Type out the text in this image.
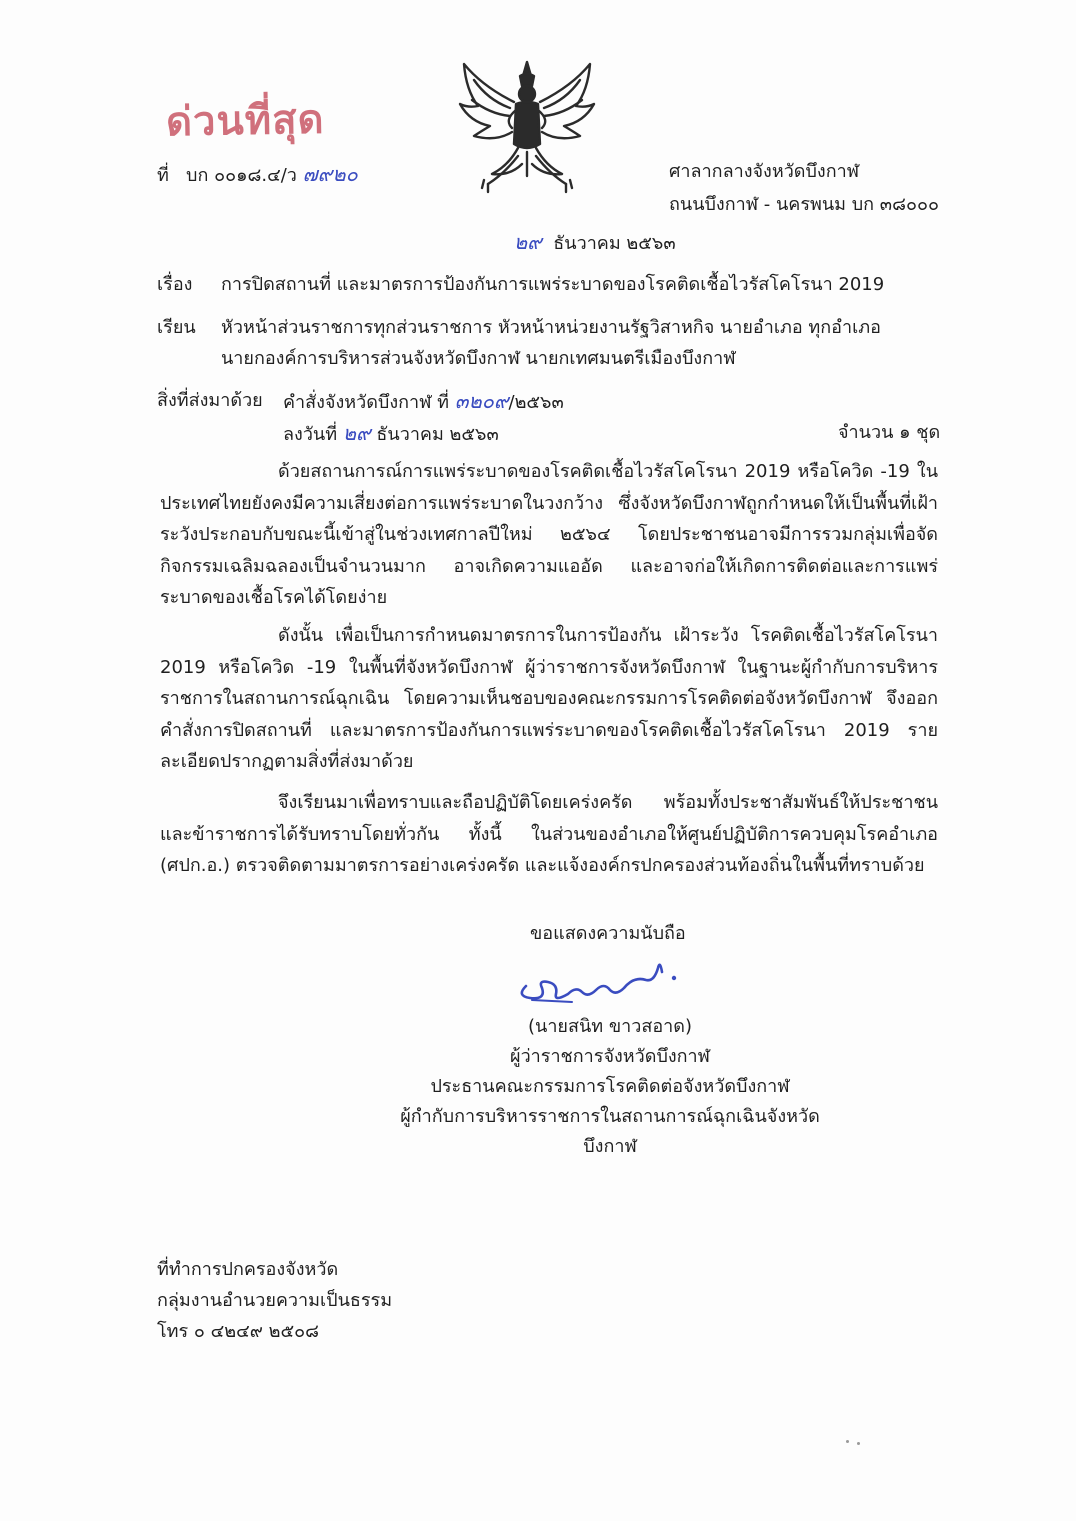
ด่วนที่สุด
ที่ บก ๐๐๑๘.๔/ว ๗๙๒๐	ศาลากลางจังหวัดบึงกาฬ
ถนนบึงกาฬ - นครพนม บก ๓๘๐๐๐
๒๙ ธันวาคม ๒๕๖๓
เรื่อง การปิดสถานที่ และมาตรการป้องกันการแพร่ระบาดของโรคติดเชื้อไวรัสโคโรนา 2019
เรียน หัวหน้าส่วนราชการทุกส่วนราชการ หัวหน้าหน่วยงานรัฐวิสาหกิจ นายอำเภอ ทุกอำเภอ
นายกองค์การบริหารส่วนจังหวัดบึงกาฬ นายกเทศมนตรีเมืองบึงกาฬ
สิ่งที่ส่งมาด้วย คำสั่งจังหวัดบึงกาฬ ที่ ๓๒๐๙/๒๕๖๓
ลงวันที่ ๒๙ ธันวาคม ๒๕๖๓	จำนวน ๑ ชุด
ด้วยสถานการณ์การแพร่ระบาดของโรคติดเชื้อไวรัสโคโรนา 2019 หรือโควิด -19 ในประเทศไทยยังคงมีความเสี่ยงต่อการแพร่ระบาดในวงกว้าง ซึ่งจังหวัดบึงกาฬถูกกำหนดให้เป็นพื้นที่เฝ้าระวังประกอบกับขณะนี้เข้าสู่ในช่วงเทศกาลปีใหม่ ๒๕๖๔ โดยประชาชนอาจมีการรวมกลุ่มเพื่อจัดกิจกรรมเฉลิมฉลองเป็นจำนวนมาก อาจเกิดความแออัด และอาจก่อให้เกิดการติดต่อและการแพร่ระบาดของเชื้อโรคได้โดยง่าย
ดังนั้น เพื่อเป็นการกำหนดมาตรการในการป้องกัน เฝ้าระวัง โรคติดเชื้อไวรัสโคโรนา 2019 หรือโควิด -19 ในพื้นที่จังหวัดบึงกาฬ ผู้ว่าราชการจังหวัดบึงกาฬ ในฐานะผู้กำกับการบริหารราชการในสถานการณ์ฉุกเฉิน โดยความเห็นชอบของคณะกรรมการโรคติดต่อจังหวัดบึงกาฬ จึงออกคำสั่งการปิดสถานที่ และมาตรการป้องกันการแพร่ระบาดของโรคติดเชื้อไวรัสโคโรนา 2019 รายละเอียดปรากฏตามสิ่งที่ส่งมาด้วย
จึงเรียนมาเพื่อทราบและถือปฏิบัติโดยเคร่งครัด พร้อมทั้งประชาสัมพันธ์ให้ประชาชนและข้าราชการได้รับทราบโดยทั่วกัน ทั้งนี้ ในส่วนของอำเภอให้ศูนย์ปฏิบัติการควบคุมโรคอำเภอ (ศปก.อ.) ตรวจติดตามมาตรการอย่างเคร่งครัด และแจ้งองค์กรปกครองส่วนท้องถิ่นในพื้นที่ทราบด้วย
ขอแสดงความนับถือ
(นายสนิท ขาวสอาด)
ผู้ว่าราชการจังหวัดบึงกาฬ
ประธานคณะกรรมการโรคติดต่อจังหวัดบึงกาฬ
ผู้กำกับการบริหารราชการในสถานการณ์ฉุกเฉินจังหวัดบึงกาฬ
ที่ทำการปกครองจังหวัด
กลุ่มงานอำนวยความเป็นธรรม
โทร ๐ ๔๒๔๙ ๒๕๐๘
